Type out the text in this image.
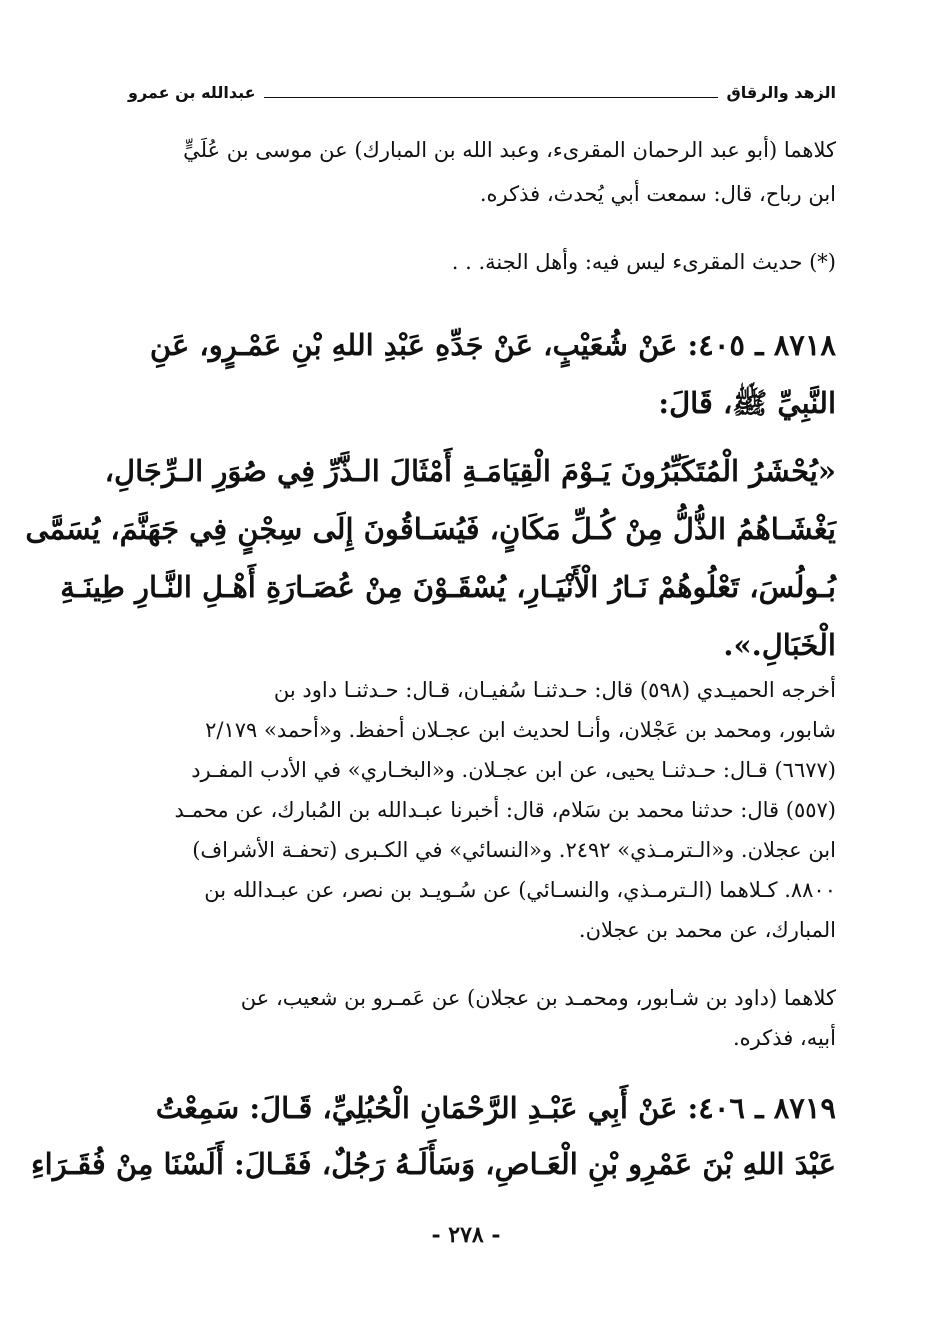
الزهد والرقاق
عبدالله بن عمرو
كلاهما (أبو عبد الرحمان المقرىء، وعبد الله بن المبارك) عن موسى بن عُلَيٍّ
ابن رباح، قال: سمعت أبي يُحدث، فذكره.
(*) حديث المقرىء ليس فيه: وأهل الجنة. . .
٨٧١٨ ـ ٤٠٥: عَنْ شُعَيْبٍ، عَنْ جَدِّهِ عَبْدِ اللهِ بْنِ عَمْـرٍو، عَنِ
النَّبِيِّ ﷺ، قَالَ:
«يُحْشَرُ الْمُتَكَبِّرُونَ يَـوْمَ الْقِيَامَـةِ أَمْثَالَ الـذَّرِّ فِي صُوَرِ الـرِّجَالِ،
يَغْشَـاهُمُ الذُّلُّ مِنْ كُـلِّ مَكَانٍ، فَيُسَـاقُونَ إِلَى سِجْنٍ فِي جَهَنَّمَ، يُسَمَّى
بُـولُسَ، تَعْلُوهُمْ نَـارُ الْأَنْيَـارِ، يُسْقَـوْنَ مِنْ عُصَـارَةِ أَهْـلِ النَّـارِ طِينَـةِ
الْخَبَالِ.».
أخرجه الحميـدي (٥٩٨) قال: حـدثنـا سُفيـان، قـال: حـدثنـا داود بن
شابور، ومحمد بن عَجْلان، وأنـا لحديث ابن عجـلان أحفظ. و«أحمد» ٢/١٧٩
(٦٦٧٧) قـال: حـدثنـا يحيى، عن ابن عجـلان. و«البخـاري» في الأدب المفـرد
(٥٥٧) قال: حدثنا محمد بن سَلام، قال: أخبرنا عبـدالله بن المُبارك، عن محمـد
ابن عجلان. و«الـترمـذي» ٢٤٩٢. و«النسائي» في الكـبرى (تحفـة الأشراف)
٨٨٠٠. كـلاهما (الـترمـذي، والنسـائي) عن سُـويـد بن نصر، عن عبـدالله بن
المبارك، عن محمد بن عجلان.
كلاهما (داود بن شـابور، ومحمـد بن عجلان) عن عَمـرو بن شعيب، عن
أبيه، فذكره.
٨٧١٩ ـ ٤٠٦: عَنْ أَبِي عَبْـدِ الرَّحْمَانِ الْحُبُلِيِّ، قَـالَ: سَمِعْتُ
عَبْدَ اللهِ بْنَ عَمْرِو بْنِ الْعَـاصِ، وَسَأَلَـهُ رَجُلٌ، فَقَـالَ: أَلَسْنَا مِنْ فُقَـرَاءِ
- ٢٧٨ -
